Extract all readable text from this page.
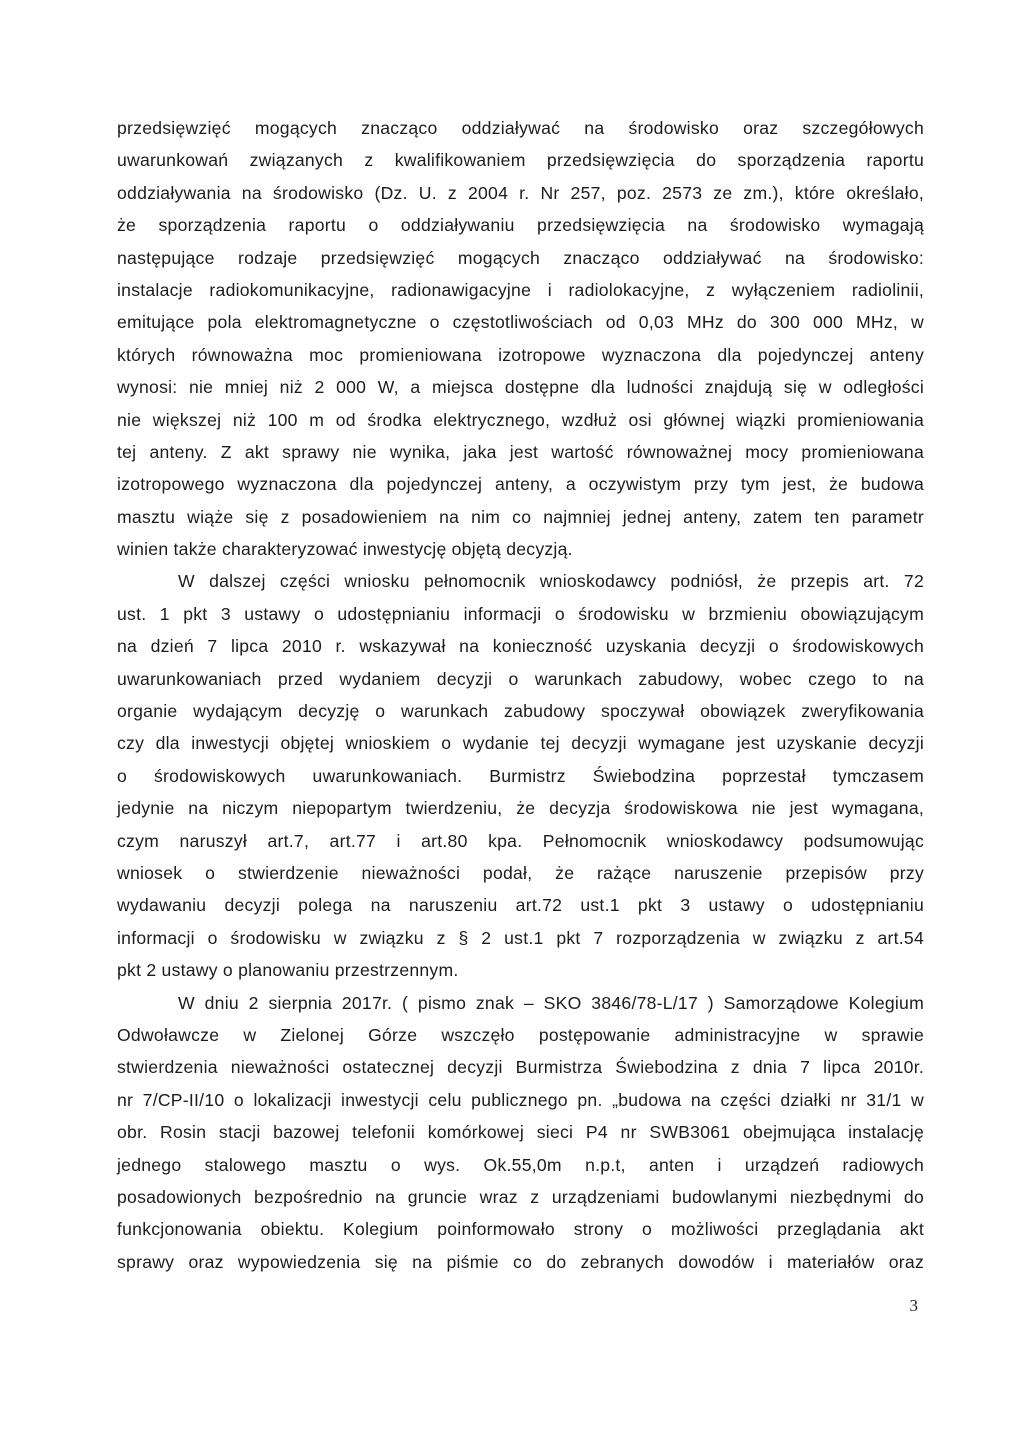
przedsięwzięć mogących znacząco oddziaływać na środowisko oraz szczegółowych
uwarunkowań związanych z kwalifikowaniem przedsięwzięcia do sporządzenia raportu
oddziaływania na środowisko (Dz. U. z 2004 r. Nr 257, poz. 2573 ze zm.), które określało,
że sporządzenia raportu o oddziaływaniu przedsięwzięcia na środowisko wymagają
następujące rodzaje przedsięwzięć mogących znacząco oddziaływać na środowisko:
instalacje radiokomunikacyjne, radionawigacyjne i radiolokacyjne, z wyłączeniem radiolinii,
emitujące pola elektromagnetyczne o częstotliwościach od 0,03 MHz do 300 000 MHz, w
których równoważna moc promieniowana izotropowe wyznaczona dla pojedynczej anteny
wynosi: nie mniej niż 2 000 W, a miejsca dostępne dla ludności znajdują się w odległości
nie większej niż 100 m od środka elektrycznego, wzdłuż osi głównej wiązki promieniowania
tej anteny. Z akt sprawy nie wynika, jaka jest wartość równoważnej mocy promieniowana
izotropowego wyznaczona dla pojedynczej anteny, a oczywistym przy tym jest, że budowa
masztu wiąże się z posadowieniem na nim co najmniej jednej anteny, zatem ten parametr
winien także charakteryzować inwestycję objętą decyzją.
W dalszej części wniosku pełnomocnik wnioskodawcy podniósł, że przepis art. 72
ust. 1 pkt 3 ustawy o udostępnianiu informacji o środowisku w brzmieniu obowiązującym
na dzień 7 lipca 2010 r. wskazywał na konieczność uzyskania decyzji o środowiskowych
uwarunkowaniach przed wydaniem decyzji o warunkach zabudowy, wobec czego to na
organie wydającym decyzję o warunkach zabudowy spoczywał obowiązek zweryfikowania
czy dla inwestycji objętej wnioskiem o wydanie tej decyzji wymagane jest uzyskanie decyzji
o środowiskowych uwarunkowaniach. Burmistrz Świebodzina poprzestał tymczasem
jedynie na niczym niepopartym twierdzeniu, że decyzja środowiskowa nie jest wymagana,
czym naruszył art.7, art.77 i art.80 kpa. Pełnomocnik wnioskodawcy podsumowując
wniosek o stwierdzenie nieważności podał, że rażące naruszenie przepisów przy
wydawaniu decyzji polega na naruszeniu art.72 ust.1 pkt 3 ustawy o udostępnianiu
informacji o środowisku w związku z § 2 ust.1 pkt 7 rozporządzenia w związku z art.54
pkt 2 ustawy o planowaniu przestrzennym.
W dniu 2 sierpnia 2017r. ( pismo znak – SKO 3846/78-L/17 ) Samorządowe Kolegium
Odwoławcze w Zielonej Górze wszczęło postępowanie administracyjne w sprawie
stwierdzenia nieważności ostatecznej decyzji Burmistrza Świebodzina z dnia 7 lipca 2010r.
nr 7/CP-II/10 o lokalizacji inwestycji celu publicznego pn. „budowa na części działki nr 31/1 w
obr. Rosin stacji bazowej telefonii komórkowej sieci P4 nr SWB3061 obejmująca instalację
jednego stalowego masztu o wys. Ok.55,0m n.p.t, anten i urządzeń radiowych
posadowionych bezpośrednio na gruncie wraz z urządzeniami budowlanymi niezbędnymi do
funkcjonowania obiektu. Kolegium poinformowało strony o możliwości przeglądania akt
sprawy oraz wypowiedzenia się na piśmie co do zebranych dowodów i materiałów oraz
3
